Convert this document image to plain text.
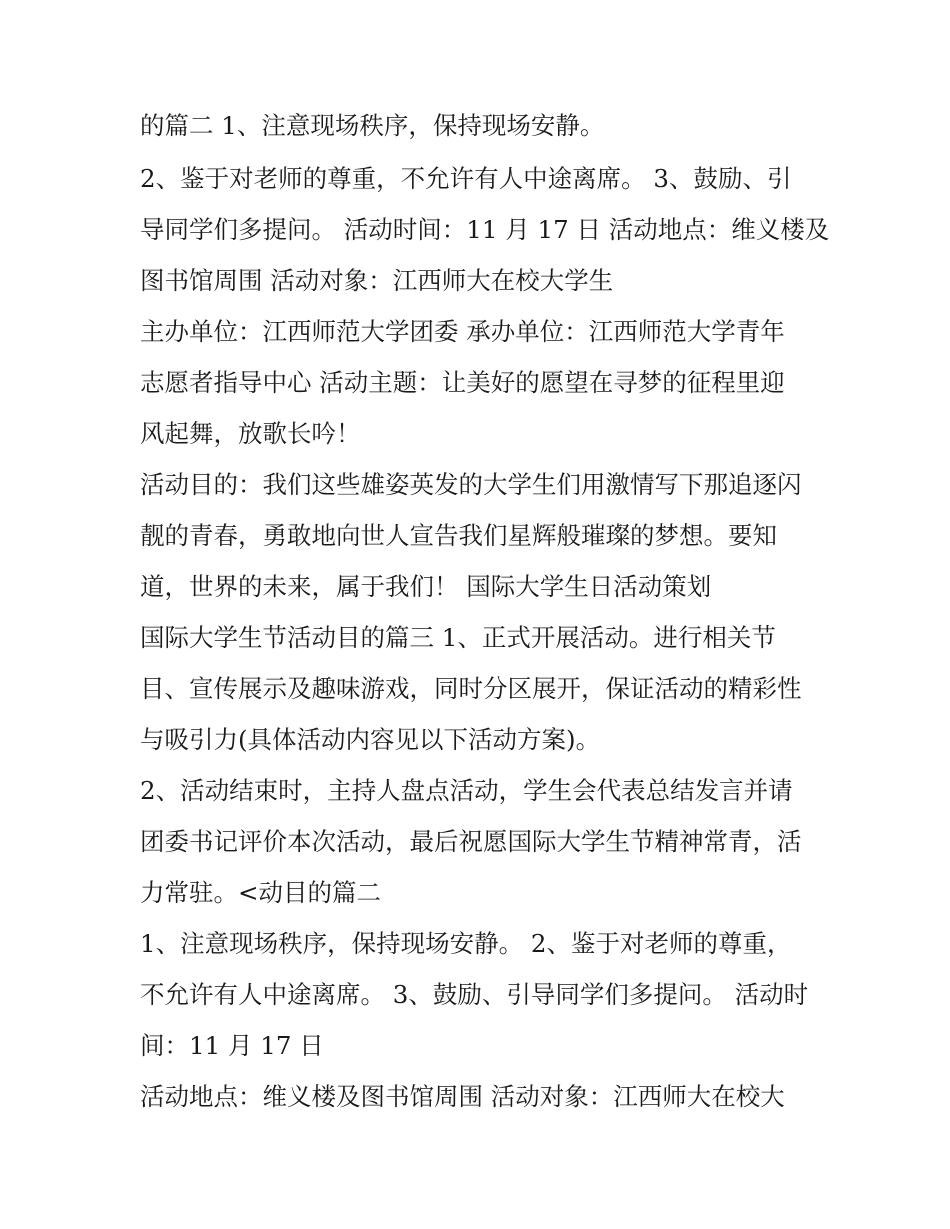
的篇二 1、注意现场秩序，保持现场安静。
2、鉴于对老师的尊重，不允许有人中途离席。 3、鼓励、引
导同学们多提问。 活动时间：11 月 17 日 活动地点：维义楼及
图书馆周围 活动对象：江西师大在校大学生
主办单位：江西师范大学团委 承办单位：江西师范大学青年
志愿者指导中心 活动主题：让美好的愿望在寻梦的征程里迎
风起舞，放歌长吟！
活动目的：我们这些雄姿英发的大学生们用激情写下那追逐闪
靓的青春，勇敢地向世人宣告我们星辉般璀璨的梦想。要知
道，世界的未来，属于我们！ 国际大学生日活动策划
国际大学生节活动目的篇三 1、正式开展活动。进行相关节
目、宣传展示及趣味游戏，同时分区展开，保证活动的精彩性
与吸引力(具体活动内容见以下活动方案)。
2、活动结束时，主持人盘点活动，学生会代表总结发言并请
团委书记评价本次活动，最后祝愿国际大学生节精神常青，活
力常驻。<动目的篇二
1、注意现场秩序，保持现场安静。 2、鉴于对老师的尊重，
不允许有人中途离席。 3、鼓励、引导同学们多提问。 活动时
间：11 月 17 日
活动地点：维义楼及图书馆周围 活动对象：江西师大在校大
